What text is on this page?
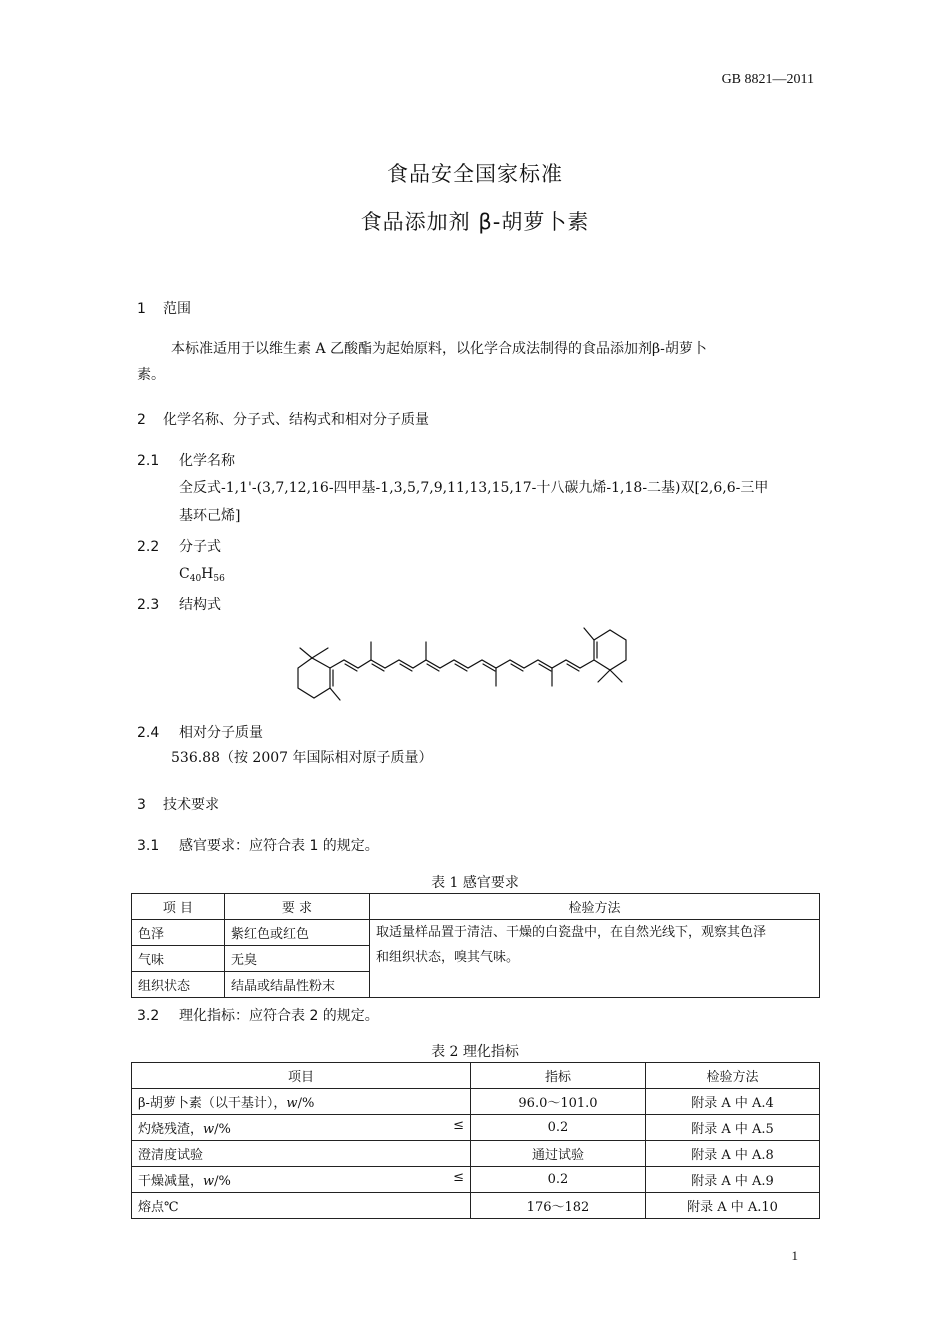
GB 8821—2011
食品安全国家标准
食品添加剂 β-胡萝卜素
1 范围
本标准适用于以维生素 A 乙酸酯为起始原料，以化学合成法制得的食品添加剂β-胡萝卜
素。
2 化学名称、分子式、结构式和相对分子质量
2.1 化学名称
全反式-1,1'-(3,7,12,16-四甲基-1,3,5,7,9,11,13,15,17-十八碳九烯-1,18-二基)双[2,6,6-三甲
基环己烯]
2.2 分子式
$C_{40}H_{56}$
2.3 结构式
2.4 相对分子质量
536.88（按 2007 年国际相对原子质量）
3 技术要求
3.1 感官要求：应符合表 1 的规定。
表 1 感官要求
项 目	要 求	检验方法
色泽	紫红色或红色	取适量样品置于清洁、干燥的白瓷盘中，在自然光线下，观察其色泽
和组织状态，嗅其气味。

气味	无臭	
组织状态	结晶或结晶性粉末	
3.2 理化指标：应符合表 2 的规定。
表 2 理化指标
项目	指标	检验方法
β-胡萝卜素（以干基计），w/%	96.0～101.0	附录 A 中 A.4
灼烧残渣，w/% ≤	0.2	附录 A 中 A.5
澄清度试验	通过试验	附录 A 中 A.8
干燥减量，w/% ≤	0.2	附录 A 中 A.9
熔点℃	176～182	附录 A 中 A.10
1
